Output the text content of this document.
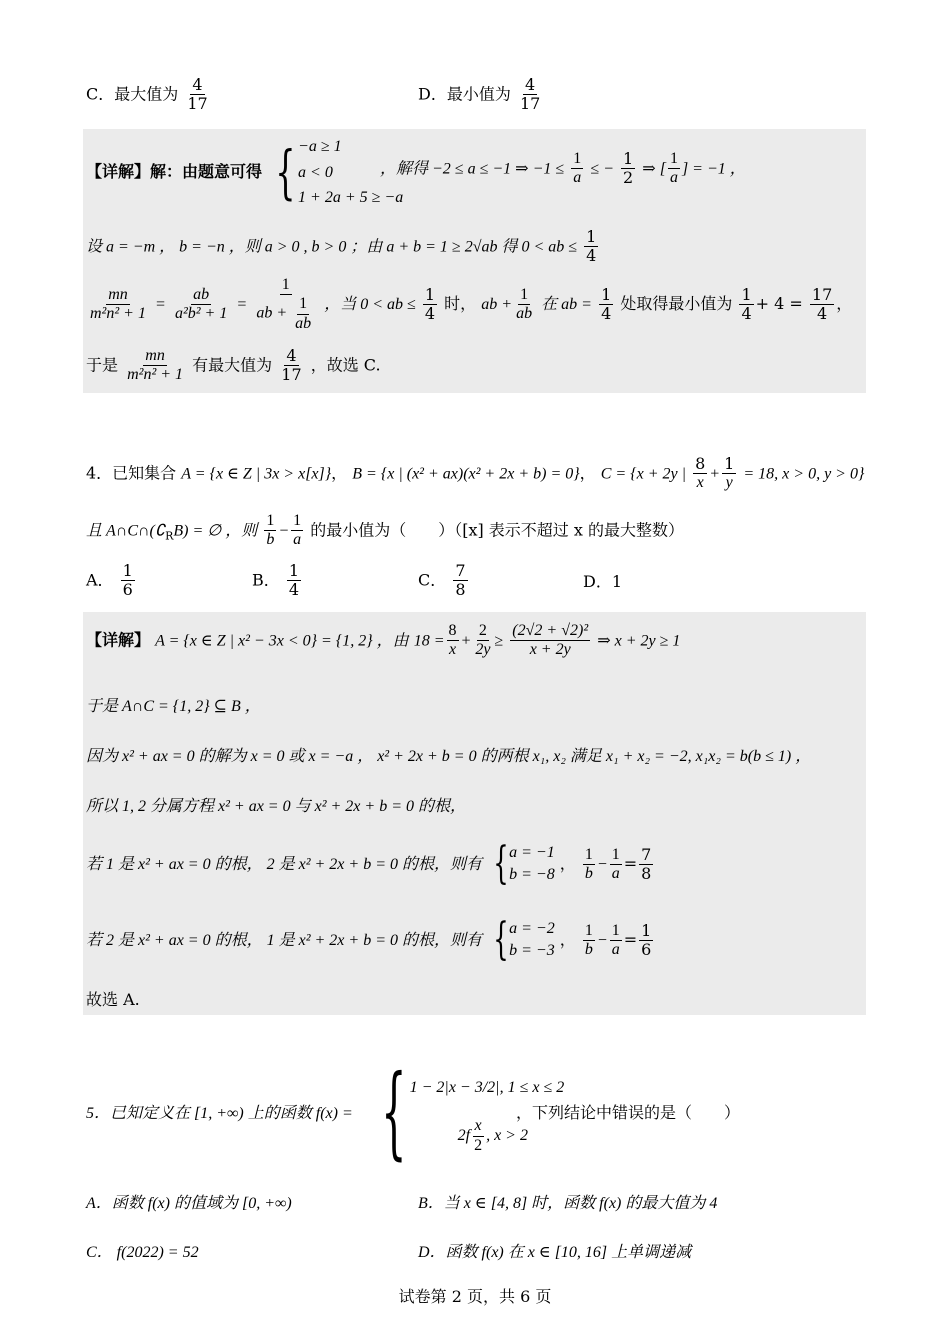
C．最大值为 $\frac{4}{17}$	D．最小值为 $\frac{4}{17}$
【详解】解：由题意可得 { −a ≥ 1
a < 0
1 + 2a + 5 ≥ −a
，解得 −2 ≤ a ≤ −1 ⇒ $-1 \le \frac{1}{a}$ ≤ − $\frac{1}{2}$ ⇒ [ $\frac{1}{a}$ ] = −1 ，
设 a = −m ， b = −n ，则 a > 0 , b > 0 ；由 a + b = 1 ≥ 2√ab 得 0 < ab ≤ $\frac{1}{4}$
$\frac{mn}{\text{m²n² + 1}} = \frac{ab}{\text{a²b² + 1}} = \frac{1}{ab + \frac{1}{ab}}$ ，当 0 < ab ≤ $\frac{1}{4}$ 时， ab + $\frac{1}{ab}$ 在 ab = $\frac{1}{4}$ 处取得最小值为 $\frac{1}{4} + 4 = \frac{17}{4}$ ，
于是 $\frac{mn}{\text{m²n² + 1}}$ 有最大值为 $\frac{4}{17}$ ，故选 C.
4．已知集合 A = {x ∈ Z | 3x > x[x]}， B = {x | (x² + ax)(x² + 2x + b) = 0}， C = {x + 2y | $\frac{8}{x} + \frac{1}{y} = 18$, x > 0, y > 0}
且 $A\cap C\cap(∁_RB)$ = ∅ ，则 $\frac{1}{b} - \frac{1}{a}$ 的最小值为（　　）（[x] 表示不超过 x 的最大整数）
A． $\frac{1}{6}$	B． $\frac{1}{4}$	C． $\frac{7}{8}$	D．1
【详解】 A = {x ∈ Z | x² − 3x < 0} = {1, 2} ，由 $18 = \frac{8}{x} + \frac{2}{2y} \ge \frac{\text{(2√2 + √2)²}}{x + 2y}$ ⇒ x + 2y ≥ 1
于是 A∩C = {1, 2} ⊆ B ，
因为 x² + ax = 0 的解为 x = 0 或 x = −a ， x² + 2x + b = 0 的两根 x₁, x₂ 满足 x₁ + x₂ = −2, x₁x₂ = b(b ≤ 1) ，
所以 1, 2 分属方程 x² + ax = 0 与 x² + 2x + b = 0 的根，
若 1 是 x² + ax = 0 的根， 2 是 x² + 2x + b = 0 的根，则有 { a = −1
b = −8
， $\frac{1}{b} - \frac{1}{a} = \frac{7}{8}$
若 2 是 x² + ax = 0 的根， 1 是 x² + 2x + b = 0 的根，则有 { a = −2
b = −3
， $\frac{1}{b} - \frac{1}{a} = \frac{1}{6}$
故选 A.
5．已知定义在 [1, +∞) 上的函数 f(x) = { 1 − 2|x − 3/2|, 1 ≤ x ≤ 2
$2f \frac{x}{2}$ , x > 2
，下列结论中错误的是（　　）
A．函数 f(x) 的值域为 [0, +∞)	B．当 x ∈ [4, 8] 时，函数 f(x) 的最大值为 4
C． f(2022) = 52	D．函数 f(x) 在 x ∈ [10, 16] 上单调递减
试卷第 2 页，共 6 页
